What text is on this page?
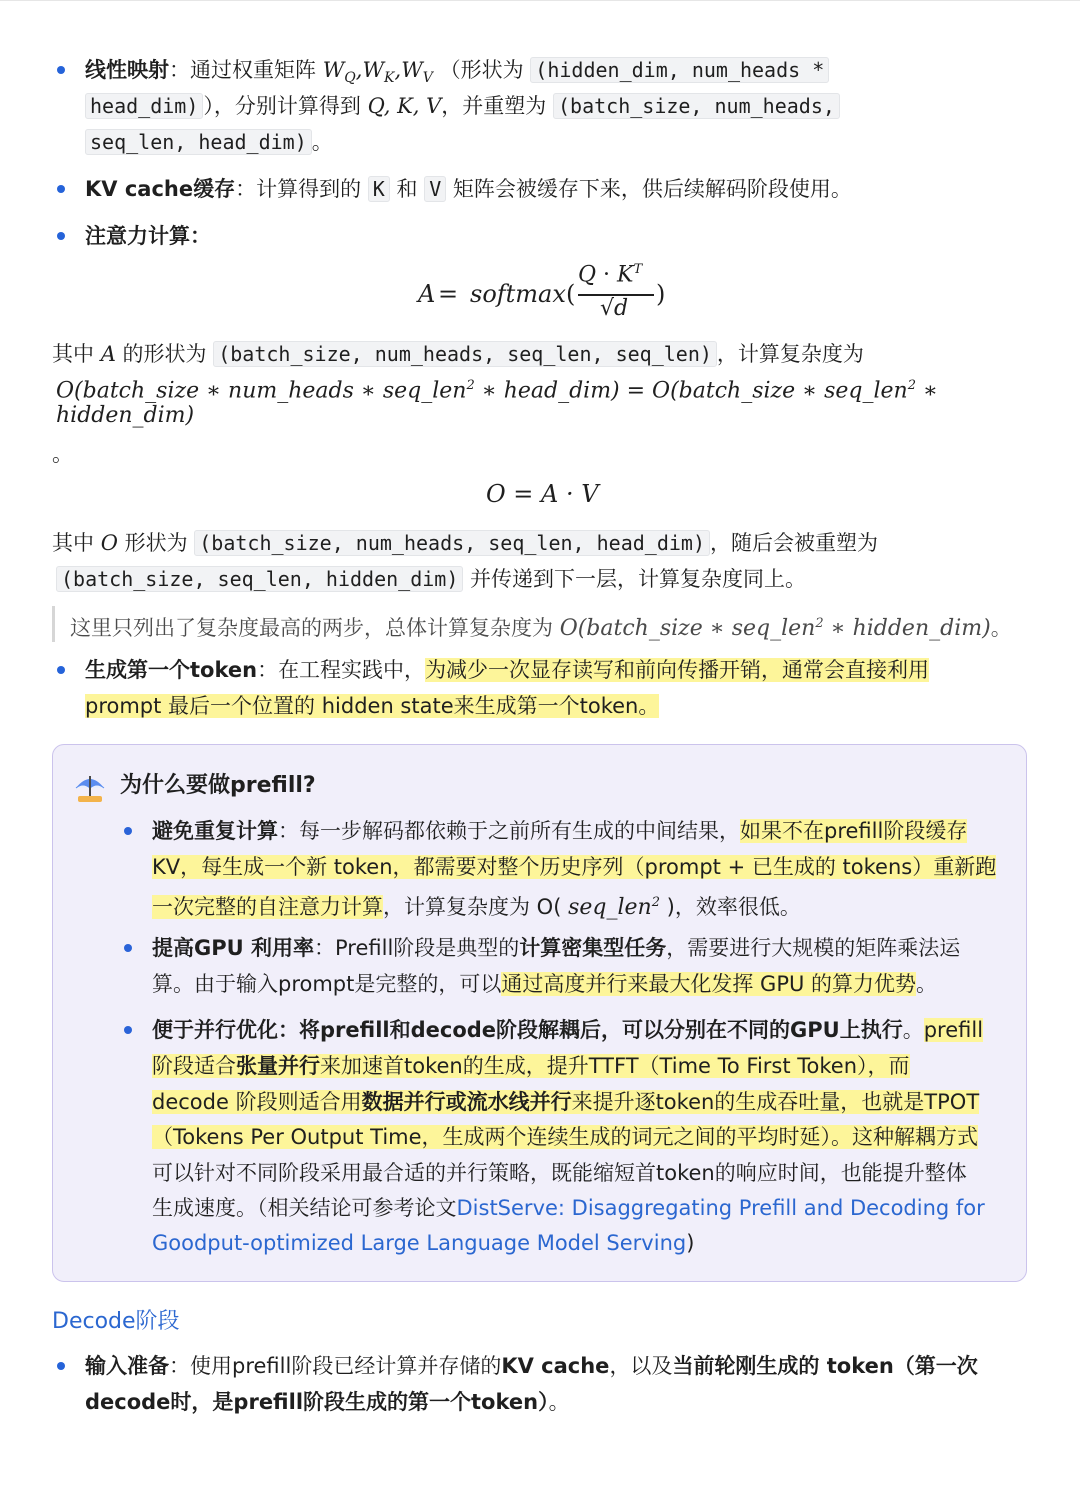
线性映射：通过权重矩阵 $W_Q,W_K,W_V$ （形状为 (hidden_dim, num_heads *
head_dim) ），分别计算得到 Q, K, V，并重塑为 (batch_size, num_heads,
seq_len, head_dim) 。
KV cache缓存：计算得到的 K 和 V 矩阵会被缓存下来，供后续解码阶段使用。
注意力计算：
A = softmax (
$Q \cdot K^T$
√d
)
其中 A 的形状为 (batch_size, num_heads, seq_len, seq_len) ，计算复杂度为
O(batch_size ∗ num_heads ∗ seq_len$^2$ ∗ head_dim) = O(batch_size ∗ seq_len$^2$ ∗
hidden_dim)
。
O = A · V
其中 O 形状为 (batch_size, num_heads, seq_len, head_dim) ，随后会被重塑为
(batch_size, seq_len, hidden_dim) 并传递到下一层，计算复杂度同上。
这里只列出了复杂度最高的两步，总体计算复杂度为 O(batch_size ∗ seq_len$^2$ ∗ hidden_dim)。
生成第一个token：在工程实践中，为减少一次显存读写和前向传播开销，通常会直接利用
prompt 最后一个位置的 hidden state来生成第一个token。
为什么要做prefill?
避免重复计算：每一步解码都依赖于之前所有生成的中间结果，如果不在prefill阶段缓存
KV，每生成一个新 token，都需要对整个历史序列（prompt + 已生成的 tokens）重新跑
一次完整的自注意力计算，计算复杂度为 O( seq_len$^2$ )，效率很低。
提高GPU 利用率：Prefill阶段是典型的计算密集型任务，需要进行大规模的矩阵乘法运
算。由于输入prompt是完整的，可以通过高度并行来最大化发挥 GPU 的算力优势。
便于并行优化：将prefill和decode阶段解耦后，可以分别在不同的GPU上执行。prefill
阶段适合张量并行来加速首token的生成，提升TTFT（Time To First Token），而
decode 阶段则适合用数据并行或流水线并行来提升逐token的生成吞吐量，也就是TPOT
（Tokens Per Output Time，生成两个连续生成的词元之间的平均时延）。这种解耦方式
可以针对不同阶段采用最合适的并行策略，既能缩短首token的响应时间，也能提升整体
生成速度。（相关结论可参考论文DistServe: Disaggregating Prefill and Decoding for
Goodput-optimized Large Language Model Serving)
Decode阶段
输入准备：使用prefill阶段已经计算并存储的KV cache，以及当前轮刚生成的 token（第一次
decode时，是prefill阶段生成的第一个token）。
